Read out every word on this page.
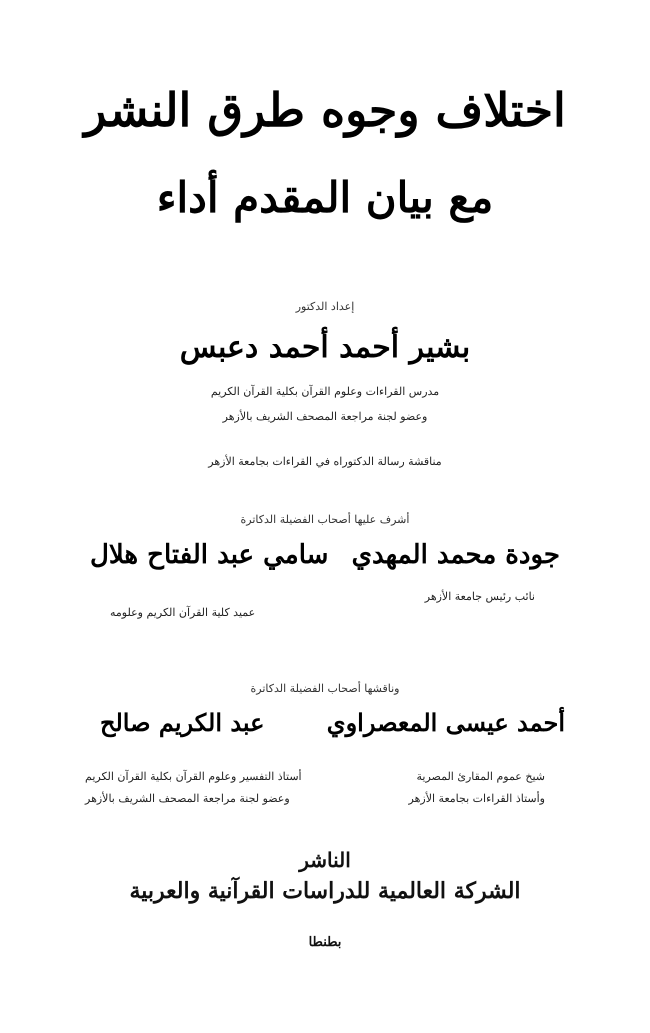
اختلاف وجوه طرق النشر
مع بيان المقدم أداء
إعداد الدكتور
بشير أحمد أحمد دعبس
مدرس القراءات وعلوم القرآن بكلية القرآن الكريم
وعضو لجنة مراجعة المصحف الشريف بالأزهر
مناقشة رسالة الدكتوراه في القراءات بجامعة الأزهر
أشرف عليها أصحاب الفضيلة الدكاترة
جودة محمد المهدي
نائب رئيس جامعة الأزهر
سامي عبد الفتاح هلال
عميد كلية القرآن الكريم وعلومه
وناقشها أصحاب الفضيلة الدكاترة
أحمد عيسى المعصراوي
شيخ عموم المقارئ المصرية
وأستاذ القراءات بجامعة الأزهر
عبد الكريم صالح
أستاذ التفسير وعلوم القرآن بكلية القرآن الكريم
وعضو لجنة مراجعة المصحف الشريف بالأزهر
الناشر
الشركة العالمية للدراسات القرآنية والعربية
بطنطا
